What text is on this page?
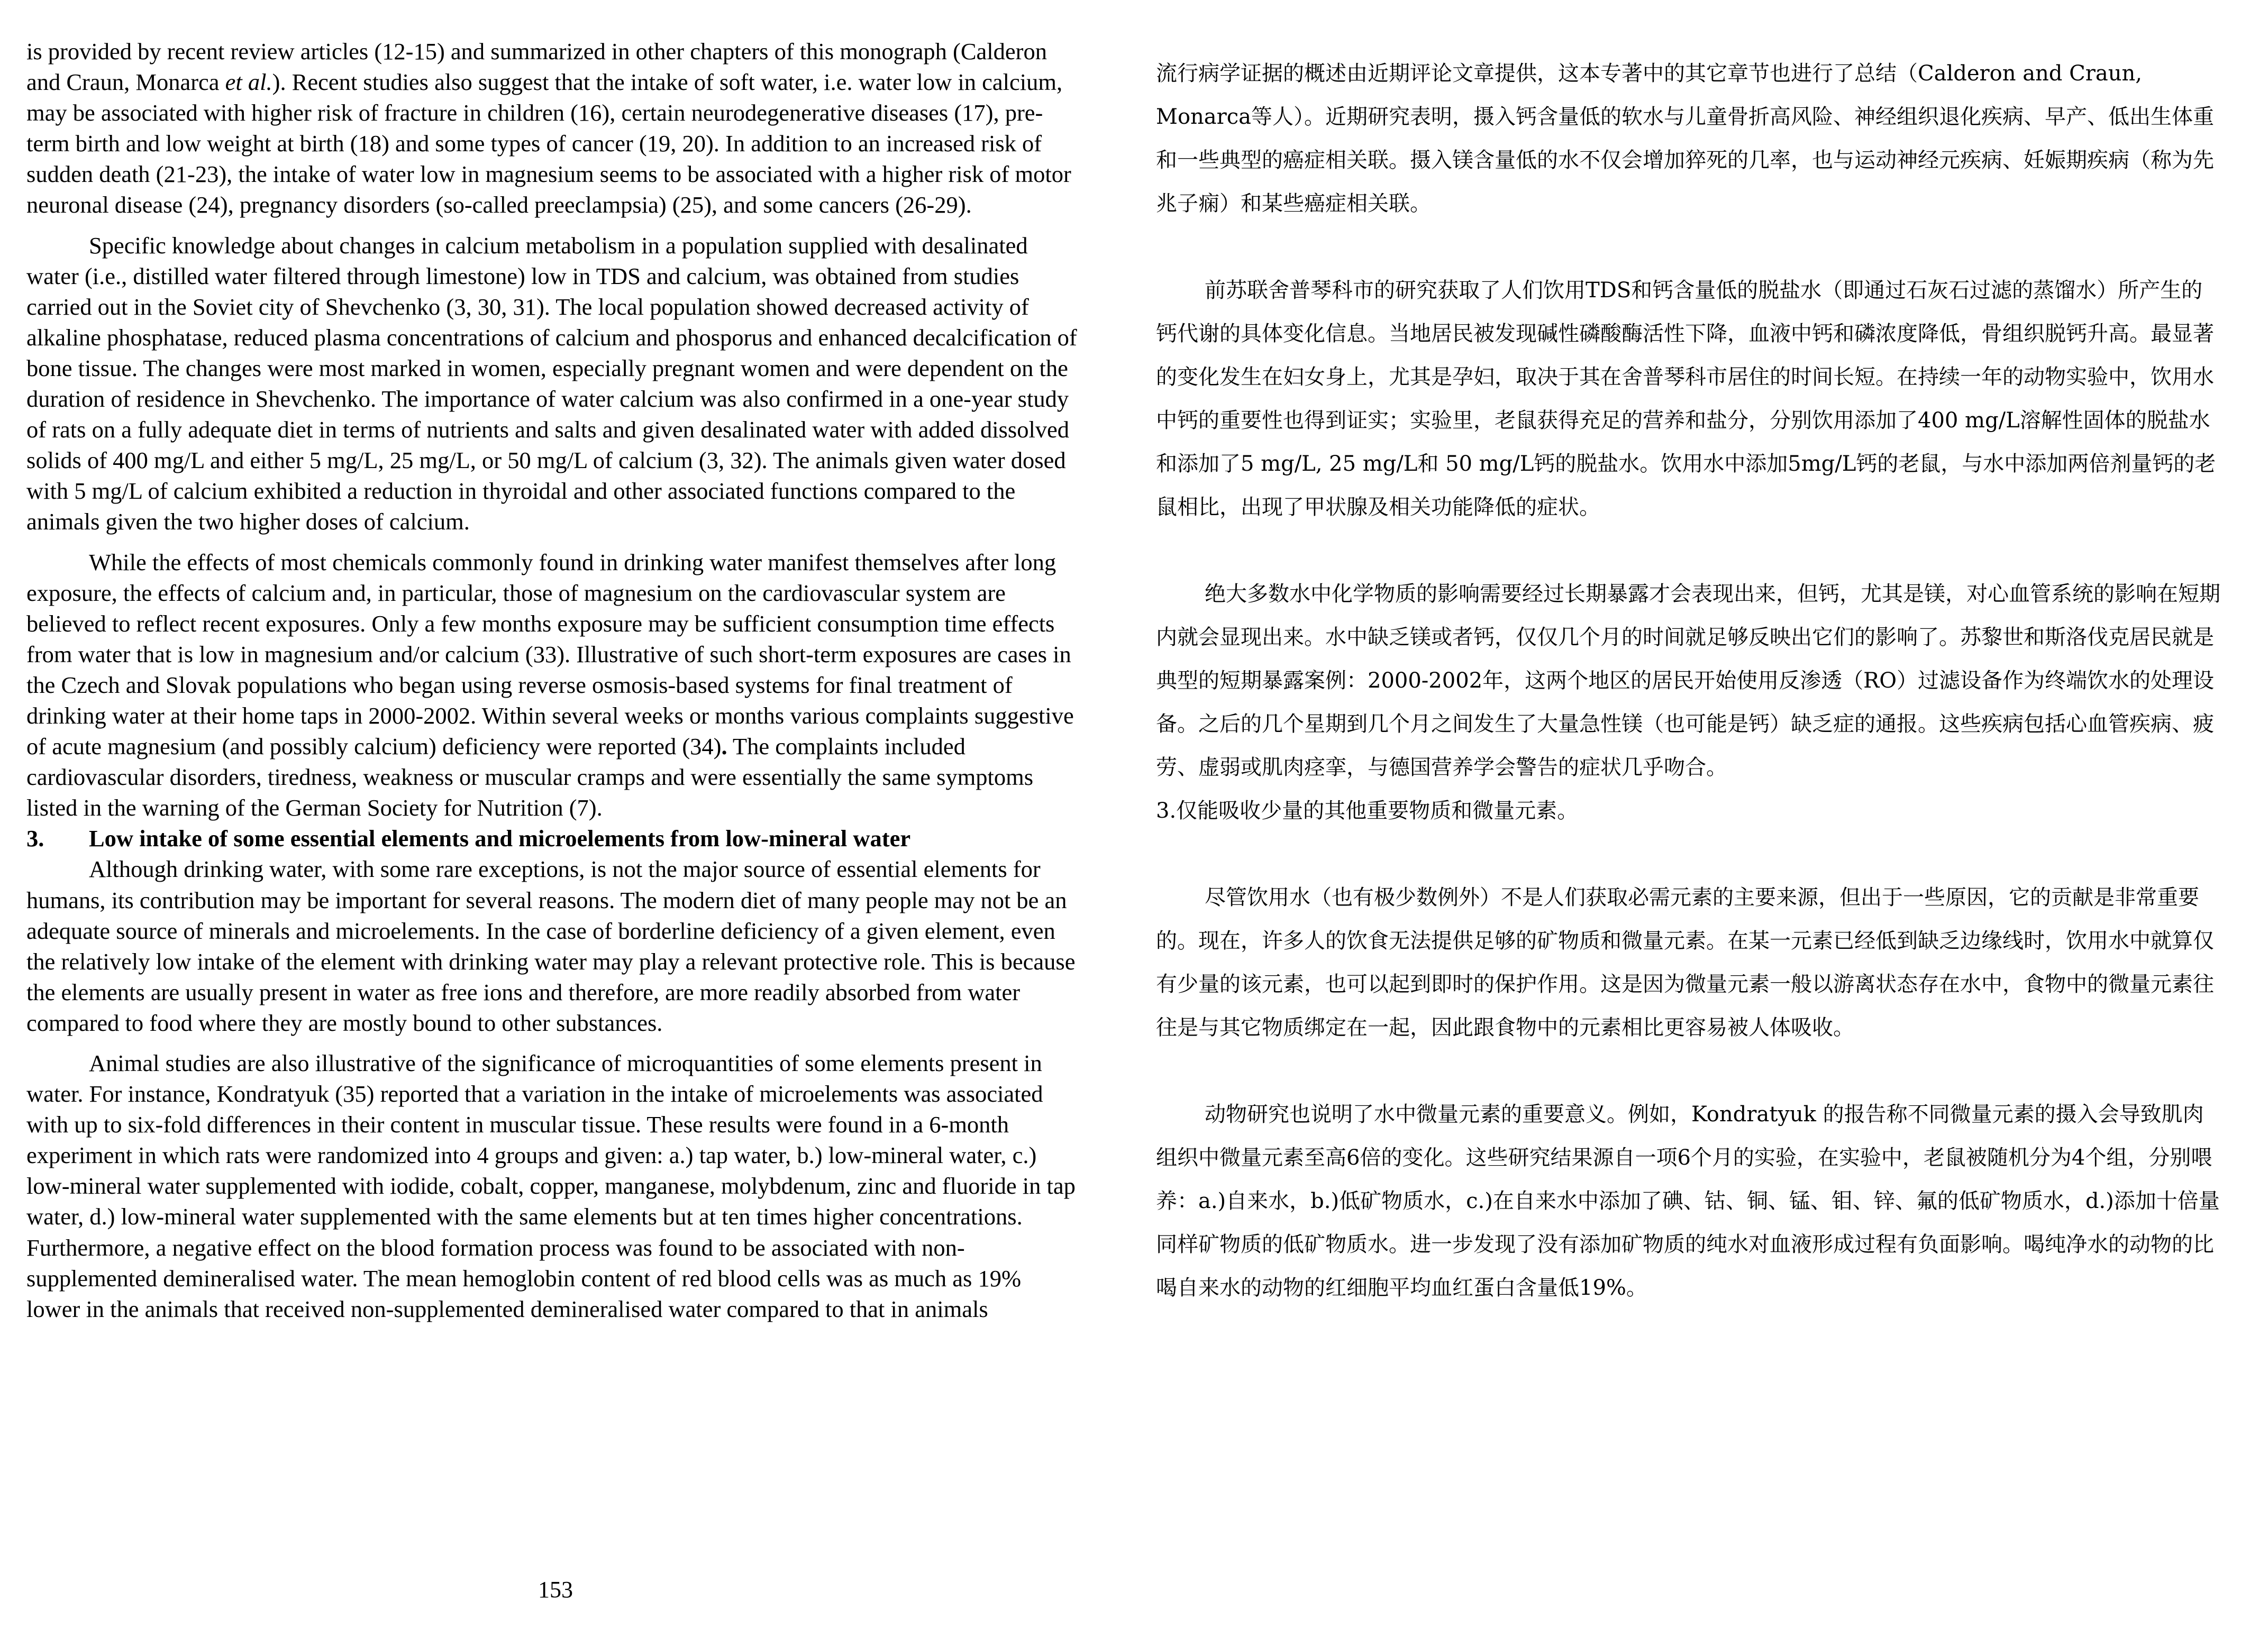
is provided by recent review articles (12-15) and summarized in other chapters of this monograph (Calderon and Craun, Monarca et al.). Recent studies also suggest that the intake of soft water, i.e. water low in calcium, may be associated with higher risk of fracture in children (16), certain neurodegenerative diseases (17), pre-term birth and low weight at birth (18) and some types of cancer (19, 20). In addition to an increased risk of sudden death (21-23), the intake of water low in magnesium seems to be associated with a higher risk of motor neuronal disease (24), pregnancy disorders (so-called preeclampsia) (25), and some cancers (26-29).

Specific knowledge about changes in calcium metabolism in a population supplied with desalinated water (i.e., distilled water filtered through limestone) low in TDS and calcium, was obtained from studies carried out in the Soviet city of Shevchenko (3, 30, 31). The local population showed decreased activity of alkaline phosphatase, reduced plasma concentrations of calcium and phosporus and enhanced decalcification of bone tissue. The changes were most marked in women, especially pregnant women and were dependent on the duration of residence in Shevchenko. The importance of water calcium was also confirmed in a one-year study of rats on a fully adequate diet in terms of nutrients and salts and given desalinated water with added dissolved solids of 400 mg/L and either 5 mg/L, 25 mg/L, or 50 mg/L of calcium (3, 32). The animals given water dosed with 5 mg/L of calcium exhibited a reduction in thyroidal and other associated functions compared to the animals given the two higher doses of calcium.

While the effects of most chemicals commonly found in drinking water manifest themselves after long exposure, the effects of calcium and, in particular, those of magnesium on the cardiovascular system are believed to reflect recent exposures. Only a few months exposure may be sufficient consumption time effects from water that is low in magnesium and/or calcium (33). Illustrative of such short-term exposures are cases in the Czech and Slovak populations who began using reverse osmosis-based systems for final treatment of drinking water at their home taps in 2000-2002. Within several weeks or months various complaints suggestive of acute magnesium (and possibly calcium) deficiency were reported (34). The complaints included cardiovascular disorders, tiredness, weakness or muscular cramps and were essentially the same symptoms listed in the warning of the German Society for Nutrition (7).

3. Low intake of some essential elements and microelements from low-mineral water

Although drinking water, with some rare exceptions, is not the major source of essential elements for humans, its contribution may be important for several reasons. The modern diet of many people may not be an adequate source of minerals and microelements. In the case of borderline deficiency of a given element, even the relatively low intake of the element with drinking water may play a relevant protective role. This is because the elements are usually present in water as free ions and therefore, are more readily absorbed from water compared to food where they are mostly bound to other substances.

Animal studies are also illustrative of the significance of microquantities of some elements present in water. For instance, Kondratyuk (35) reported that a variation in the intake of microelements was associated with up to six-fold differences in their content in muscular tissue. These results were found in a 6-month experiment in which rats were randomized into 4 groups and given: a.) tap water, b.) low-mineral water, c.) low-mineral water supplemented with iodide, cobalt, copper, manganese, molybdenum, zinc and fluoride in tap water, d.) low-mineral water supplemented with the same elements but at ten times higher concentrations. Furthermore, a negative effect on the blood formation process was found to be associated with non-supplemented demineralised water. The mean hemoglobin content of red blood cells was as much as 19% lower in the animals that received non-supplemented demineralised water compared to that in animals

153

流行病学证据的概述由近期评论文章提供，这本专著中的其它章节也进行了总结（Calderon and Craun, Monarca等人）。近期研究表明，摄入钙含量低的软水与儿童骨折高风险、神经组织退化疾病、早产、低出生体重和一些典型的癌症相关联。摄入镁含量低的水不仅会增加猝死的几率，也与运动神经元疾病、妊娠期疾病（称为先兆子痫）和某些癌症相关联。

前苏联舍普琴科市的研究获取了人们饮用TDS和钙含量低的脱盐水（即通过石灰石过滤的蒸馏水）所产生的钙代谢的具体变化信息。当地居民被发现碱性磷酸酶活性下降，血液中钙和磷浓度降低，骨组织脱钙升高。最显著的变化发生在妇女身上，尤其是孕妇，取决于其在舍普琴科市居住的时间长短。在持续一年的动物实验中，饮用水中钙的重要性也得到证实；实验里，老鼠获得充足的营养和盐分，分别饮用添加了400 mg/L溶解性固体的脱盐水和添加了5 mg/L, 25 mg/L和 50 mg/L钙的脱盐水。饮用水中添加5mg/L钙的老鼠，与水中添加两倍剂量钙的老鼠相比，出现了甲状腺及相关功能降低的症状。

绝大多数水中化学物质的影响需要经过长期暴露才会表现出来，但钙，尤其是镁，对心血管系统的影响在短期内就会显现出来。水中缺乏镁或者钙，仅仅几个月的时间就足够反映出它们的影响了。苏黎世和斯洛伐克居民就是典型的短期暴露案例：2000-2002年，这两个地区的居民开始使用反渗透（RO）过滤设备作为终端饮水的处理设备。之后的几个星期到几个月之间发生了大量急性镁（也可能是钙）缺乏症的通报。这些疾病包括心血管疾病、疲劳、虚弱或肌肉痉挛，与德国营养学会警告的症状几乎吻合。

3.仅能吸收少量的其他重要物质和微量元素。

尽管饮用水（也有极少数例外）不是人们获取必需元素的主要来源，但出于一些原因，它的贡献是非常重要的。现在，许多人的饮食无法提供足够的矿物质和微量元素。在某一元素已经低到缺乏边缘线时，饮用水中就算仅有少量的该元素，也可以起到即时的保护作用。这是因为微量元素一般以游离状态存在水中，食物中的微量元素往往是与其它物质绑定在一起，因此跟食物中的元素相比更容易被人体吸收。

动物研究也说明了水中微量元素的重要意义。例如，Kondratyuk 的报告称不同微量元素的摄入会导致肌肉组织中微量元素至高6倍的变化。这些研究结果源自一项6个月的实验，在实验中，老鼠被随机分为4个组，分别喂养：a.)自来水，b.)低矿物质水，c.)在自来水中添加了碘、钴、铜、锰、钼、锌、氟的低矿物质水，d.)添加十倍量同样矿物质的低矿物质水。进一步发现了没有添加矿物质的纯水对血液形成过程有负面影响。喝纯净水的动物的比喝自来水的动物的红细胞平均血红蛋白含量低19%。
